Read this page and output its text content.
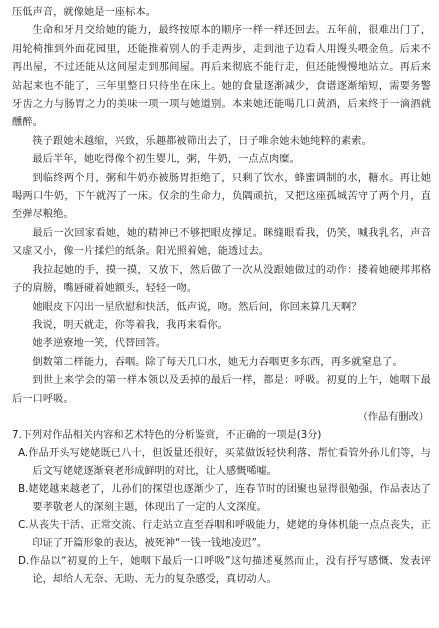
压低声音，就像她是一座标本。

生命和牙月交给她的能力，最终按原本的顺序一样一样还回去。五年前，很难出门了，用轮椅推到外面花园里，还能推着别人的手走两步，走到池子边看人用馒头喂金鱼。后来不再出屋，不过还能从这间屋走到那间屋。再后来彻底不能行走，但还能慢慢地站立。再后来站起来也不能了，三年里整日只待坐在床上。她的食量逐渐减少，食谱逐渐缩短，需要务警牙齿之力与肠胃之力的美味一项一项与她道别。本来她还能喝几口黄酒，后来终于一滴酒就醺醉。

筷子跟她未越缩，兴致，乐趣都被筛出去了，日子唯余她未她纯粹的素索。

最后半年，她吃得像个初生婴儿，粥，牛奶，一点点肉糜。

到临终两个月，粥和牛奶亦被肠胃拒绝了，只剩了饮水，蜂蜜调制的水，糖水。再让她喝两口牛奶，下午就泻了一床。仅余的生命力，负隅顽抗，又把这座孤城苦守了两个月，直至弹尽粮绝。

最后一次回家看她，她的精神已不够把眼皮撑足。眯缝眼看我，仍笑，喊我乳名，声音又虚又小，像一片揉烂的纸条。阳光照着她，能透过去。

我拉起她的手，摸一摸，又放下，然后做了一次从没跟她做过的动作：搂着她硬邦邦格子的肩膀，嘴唇碰着她额头，轻轻一吻。

她眼皮下闪出一星欣慰和快活，低声说，吻。然后问，你回来算几天啊？

我说，明天就走，你等着我，我再来看你。

她孝逆寮地一笑，代替回答。

倒数第二样能力，吞咽。除了每天几口水，她无力吞咽更多东西，再多就窒息了。

到世上来学会的第一样本领以及丢掉的最后一样，都是：呼吸。初夏的上午，她咽下最后一口呼吸。

（作品有删改）

7.下列对作品相关内容和艺术特色的分析鉴赏，不正确的一项是(3分)

A.作品开头写姥姥既已八十，但饭量还很好，买菜做饭轻快利落、帮忙看管外孙儿们等，与后文写姥姥逐渐衰老形成鲜明的对比，让人感慨唏嘘。
B.姥姥越来越老了，儿孙们的探望也逐渐少了，连春节时的团聚也显得很勉强，作品表达了要孝敬老人的深刻主题，体现出了一定的人文深度。
C.从丧失干活、正常交流、行走站立直至吞咽和呼吸能力，姥姥的身体机能一点点丧失，正印证了开篇形象的表达，被死神“一钱一钱地凌迟”。
D.作品以“初夏的上午，她咽下最后一口呼吸”这句描述戛然而止，没有抒写感慨、发表评论，却给人无奈、无助、无力的复杂感受，真切动人。
